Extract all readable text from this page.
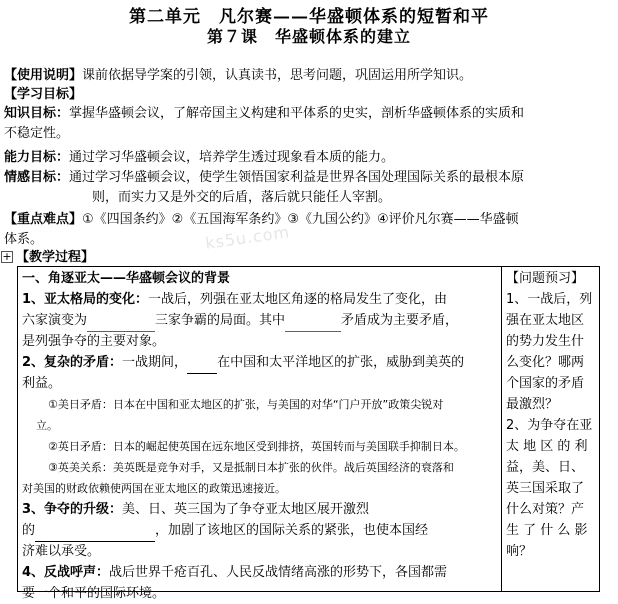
第二单元　凡尔赛——华盛顿体系的短暂和平
第７课　华盛顿体系的建立
【使用说明】课前依据导学案的引领，认真读书，思考问题，巩固运用所学知识。
【学习目标】
知识目标：掌握华盛顿会议，了解帝国主义构建和平体系的史实，剖析华盛顿体系的实质和
不稳定性。
能力目标：通过学习华盛顿会议，培养学生透过现象看本质的能力。
情感目标：通过学习华盛顿会议，使学生领悟国家利益是世界各国处理国际关系的最根本原
则，而实力又是外交的后盾，落后就只能任人宰割。
【重点难点】①《四国条约》②《五国海军条约》③《九国公约》④评价凡尔赛——华盛顿
体系。	ks5u.com
+ 【教学过程】
一、角逐亚太——华盛顿会议的背景
1、亚太格局的变化：一战后，列强在亚太地区角逐的格局发生了变化，由
六家演变为	三家争霸的局面。其中	矛盾成为主要矛盾，
是列强争夺的主要对象。
2、复杂的矛盾：一战期间， 在中国和太平洋地区的扩张，威胁到美英的
利益。
①美日矛盾：日本在中国和亚太地区的扩张，与美国的对华“门户开放”政策尖锐对
立。
②英日矛盾：日本的崛起使英国在远东地区受到排挤，英国转而与美国联手抑制日本。
③英美关系：美英既是竞争对手，又是抵制日本扩张的伙伴。战后英国经济的衰落和
对美国的财政依赖使两国在亚太地区的政策迅速接近。
3、争夺的升级：美、日、英三国为了争夺亚太地区展开激烈
的	，加剧了该地区的国际关系的紧张，也使本国经
济难以承受。
4、反战呼声：战后世界千疮百孔、人民反战情绪高涨的形势下，各国都需
要一个和平的国际环境。
【问题预习】
1、一战后，列
强在亚太地区
的势力发生什
么变化？哪两
个国家的矛盾
最激烈？
2、为争夺在亚
太 地 区 的 利
益，美、日、
英三国采取了
什么对策？产
生 了 什 么 影
响？
